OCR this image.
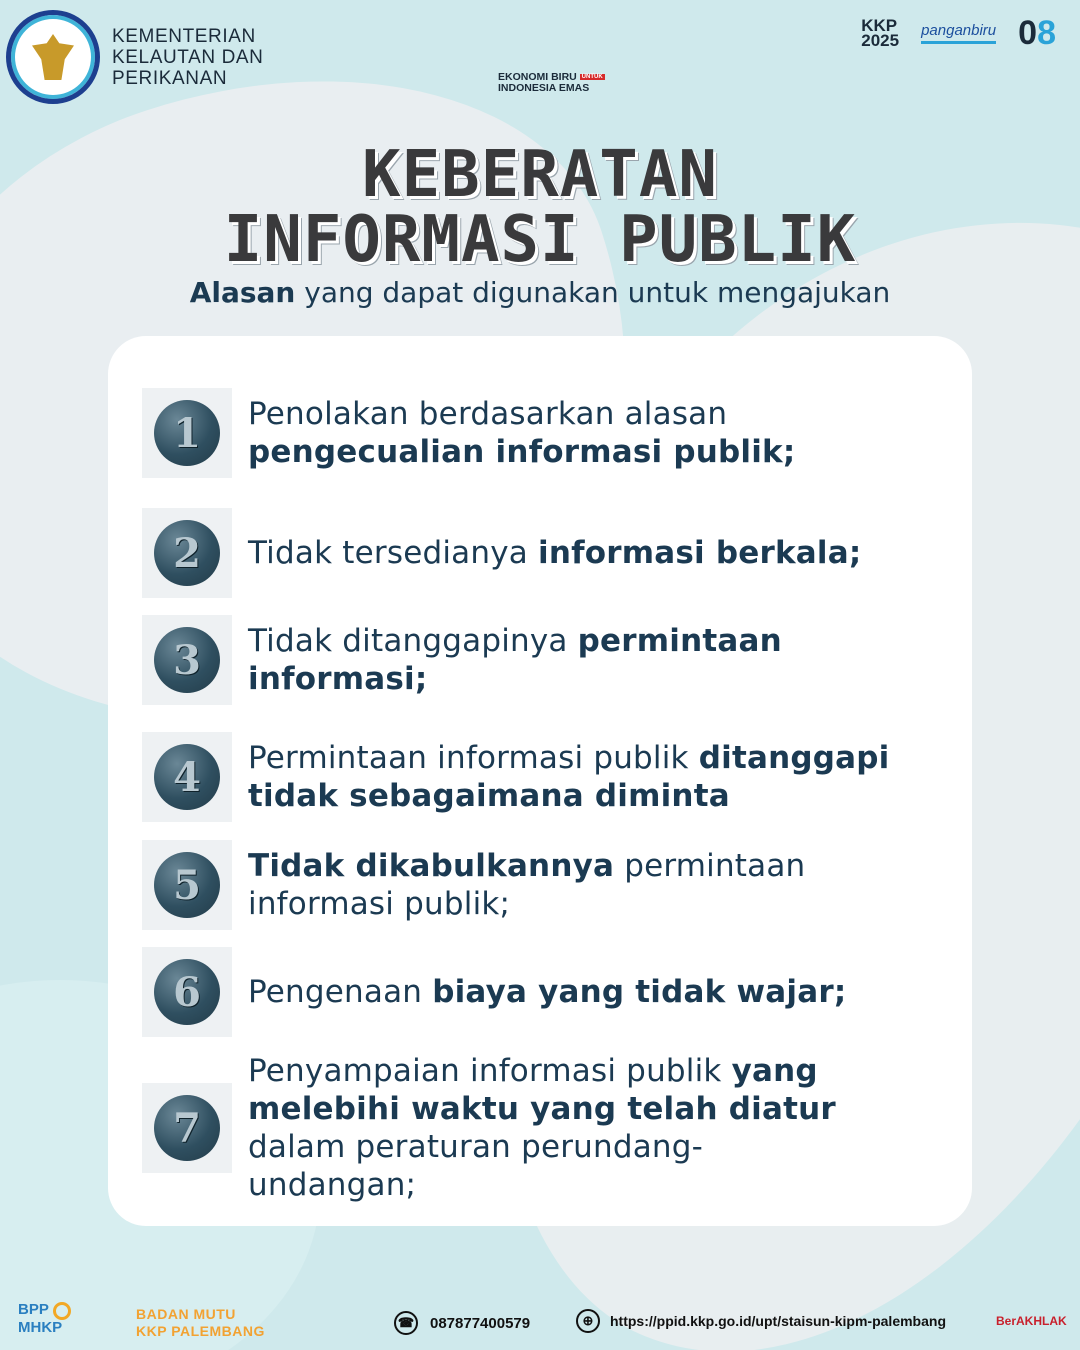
KEMENTERIAN
KELAUTAN DAN
PERIKANAN	EKONOMI BIRU $^{UNTUK}$
INDONESIA EMAS
KKP
2025
panganbiru 08
KEBERATAN
INFORMASI PUBLIK
Alasan yang dapat digunakan untuk mengajukan
1	Penolakan berdasarkan alasan
pengecualian informasi publik;
2	Tidak tersedianya informasi berkala;
3	Tidak ditanggapinya permintaan
informasi;
4	Permintaan informasi publik ditanggapi
tidak sebagaimana diminta
5	Tidak dikabulkannya permintaan
informasi publik;
6	Pengenaan biaya yang tidak wajar;
7
Penyampaian informasi publik yang
melebihi waktu yang telah diatur
dalam peraturan perundang-
undangan;
BPP
MHKP
BADAN MUTU
KKP PALEMBANG
☎ 087877400579	⊕	https://ppid.kkp.go.id/upt/staisun-kipm-palembang	BerAKHLAK
